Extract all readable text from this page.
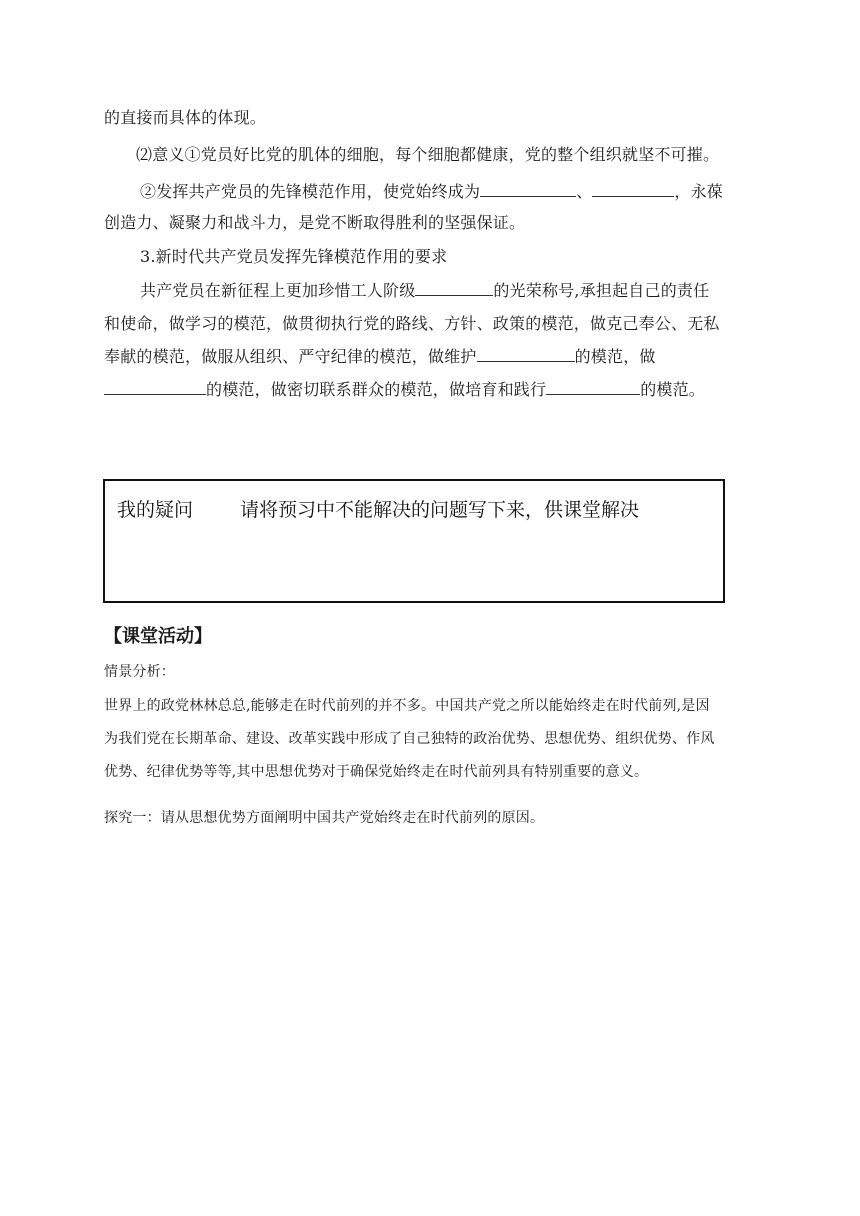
的直接而具体的体现。
⑵意义①党员好比党的肌体的细胞，每个细胞都健康，党的整个组织就坚不可摧。
②发挥共产党员的先锋模范作用，使党始终成为	、	，永葆
创造力、凝聚力和战斗力，是党不断取得胜利的坚强保证。
3.新时代共产党员发挥先锋模范作用的要求
共产党员在新征程上更加珍惜工人阶级	的光荣称号,承担起自己的责任
和使命，做学习的模范，做贯彻执行党的路线、方针、政策的模范，做克己奉公、无私
奉献的模范，做服从组织、严守纪律的模范，做维护	的模范，做
的模范，做密切联系群众的模范，做培育和践行	的模范。
我的疑问 请将预习中不能解决的问题写下来，供课堂解决
【课堂活动】
情景分析：
世界上的政党林林总总,能够走在时代前列的并不多。中国共产党之所以能始终走在时代前列,是因
为我们党在长期革命、建设、改革实践中形成了自己独特的政治优势、思想优势、组织优势、作风
优势、纪律优势等等,其中思想优势对于确保党始终走在时代前列具有特别重要的意义。
探究一：请从思想优势方面阐明中国共产党始终走在时代前列的原因。
